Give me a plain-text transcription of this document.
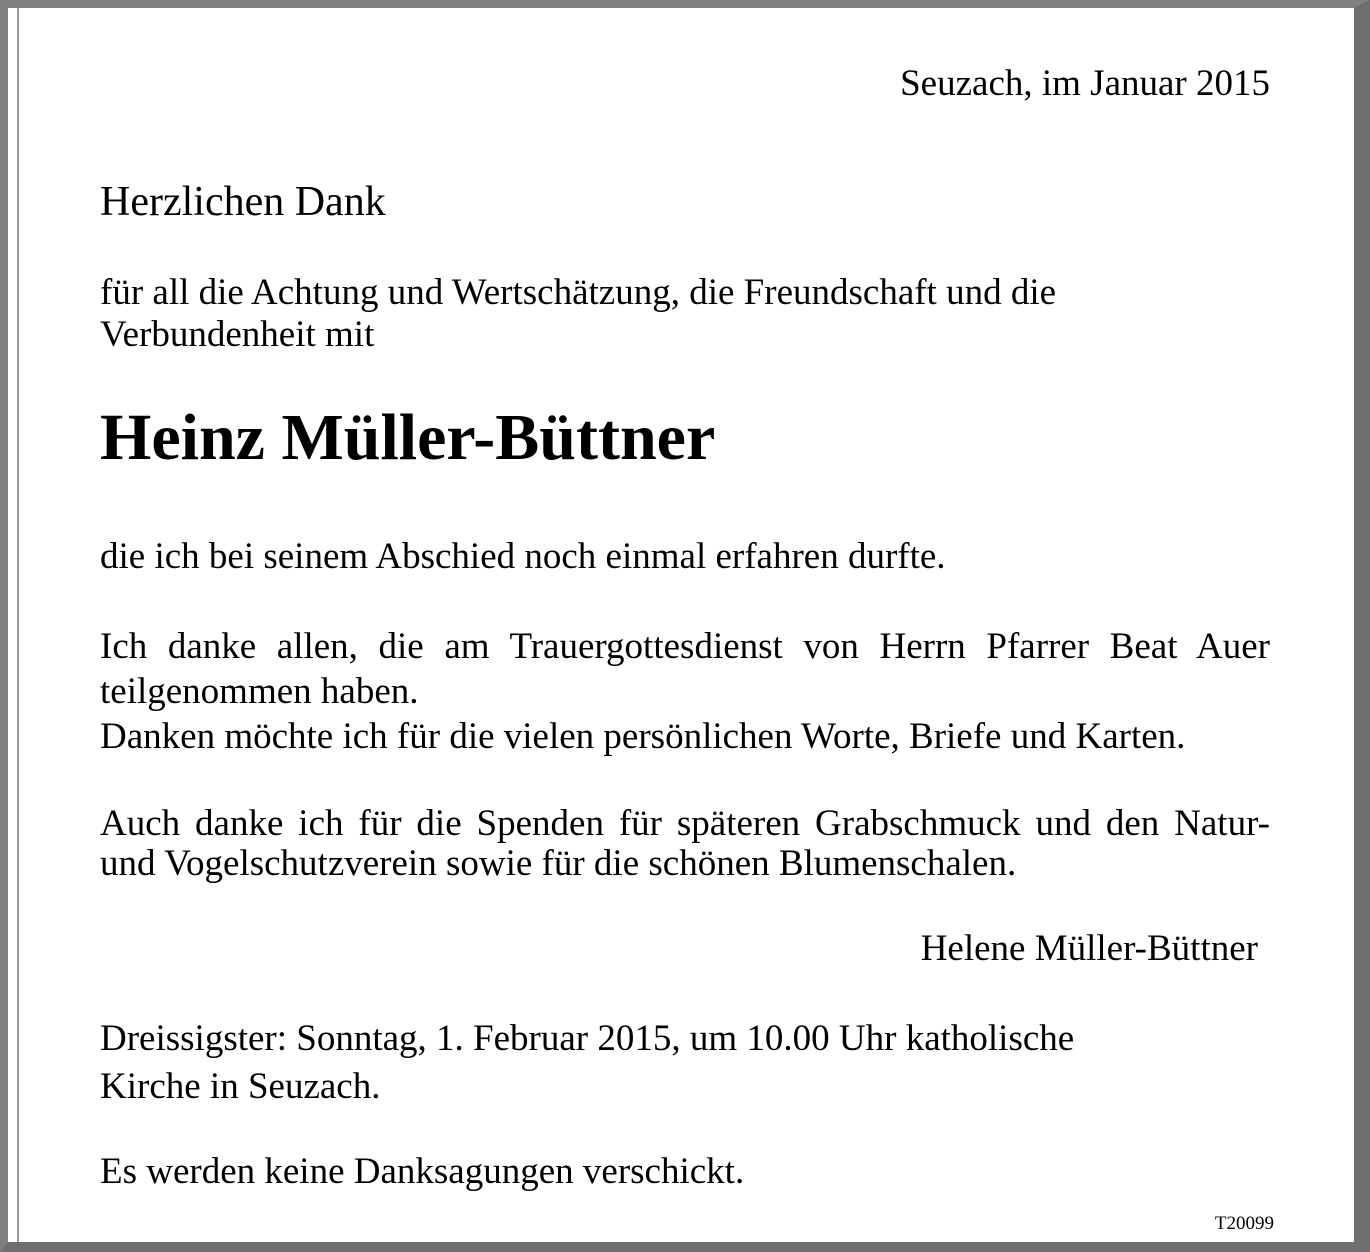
Seuzach, im Januar 2015

Herzlichen Dank

für all die Achtung und Wertschätzung, die Freundschaft und die
Verbundenheit mit

Heinz Müller-Büttner

die ich bei seinem Abschied noch einmal erfahren durfte.

Ich danke allen, die am Trauergottesdienst von Herrn Pfarrer Beat Auer teilgenommen haben.

Danken möchte ich für die vielen persönlichen Worte, Briefe und Karten.

Auch danke ich für die Spenden für späteren Grabschmuck und den Natur- und Vogelschutzverein sowie für die schönen Blumenschalen.

Helene Müller-Büttner

Dreissigster: Sonntag, 1. Februar 2015, um 10.00 Uhr katholische
Kirche in Seuzach.

Es werden keine Danksagungen verschickt.

T20099
